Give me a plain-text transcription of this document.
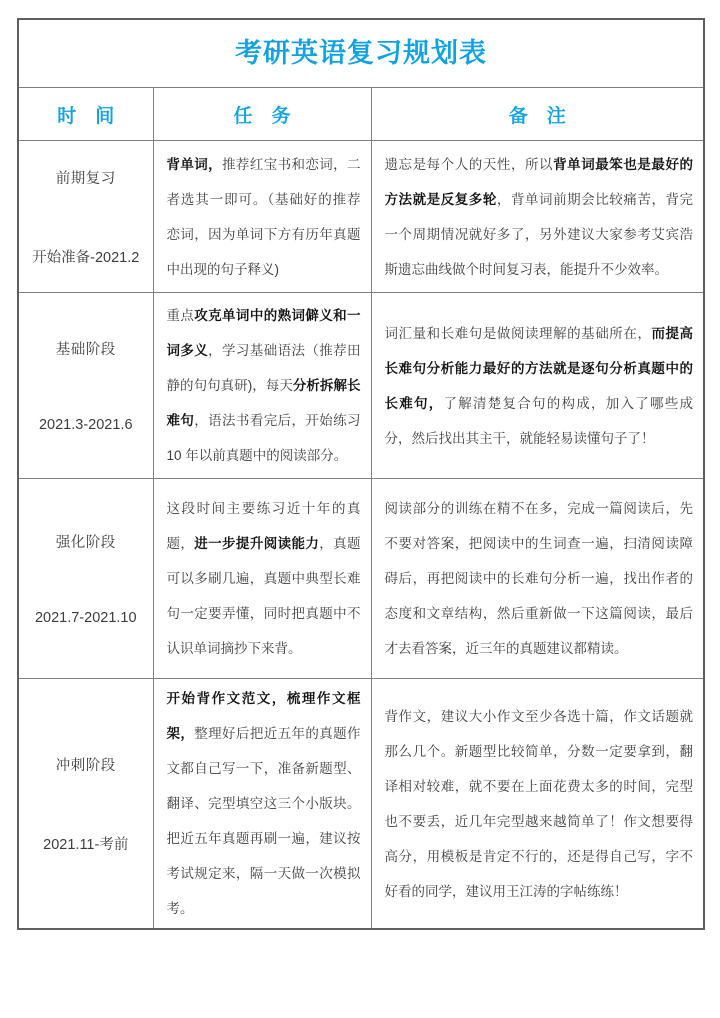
考研英语复习规划表		

时　间	任　务	备　注

前期复习
开始准备-2021.2	背单词，推荐红宝书和恋词，二者选其一即可。（基础好的推荐恋词，因为单词下方有历年真题中出现的句子释义)	遗忘是每个人的天性，所以背单词最笨也是最好的方法就是反复多轮，背单词前期会比较痛苦，背完一个周期情况就好多了，另外建议大家参考艾宾浩斯遗忘曲线做个时间复习表，能提升不少效率。

基础阶段
2021.3-2021.6	重点攻克单词中的熟词僻义和一词多义，学习基础语法（推荐田静的句句真研)，每天分析拆解长难句，语法书看完后，开始练习 10 年以前真题中的阅读部分。	词汇量和长难句是做阅读理解的基础所在，而提高长难句分析能力最好的方法就是逐句分析真题中的长难句，了解清楚复合句的构成，加入了哪些成分，然后找出其主干，就能轻易读懂句子了！

强化阶段
2021.7-2021.10	这段时间主要练习近十年的真题，进一步提升阅读能力，真题可以多刷几遍，真题中典型长难句一定要弄懂，同时把真题中不认识单词摘抄下来背。	阅读部分的训练在精不在多，完成一篇阅读后，先不要对答案，把阅读中的生词查一遍，扫清阅读障碍后，再把阅读中的长难句分析一遍，找出作者的态度和文章结构，然后重新做一下这篇阅读，最后才去看答案，近三年的真题建议都精读。

冲刺阶段
2021.11-考前	开始背作文范文，梳理作文框架，整理好后把近五年的真题作文都自己写一下，准备新题型、翻译、完型填空这三个小版块。把近五年真题再刷一遍，建议按考试规定来，隔一天做一次模拟考。	背作文，建议大小作文至少各选十篇，作文话题就那么几个。新题型比较简单，分数一定要拿到，翻译相对较难，就不要在上面花费太多的时间，完型也不要丢，近几年完型越来越简单了！作文想要得高分，用模板是肯定不行的，还是得自己写，字不好看的同学，建议用王江涛的字帖练练！
